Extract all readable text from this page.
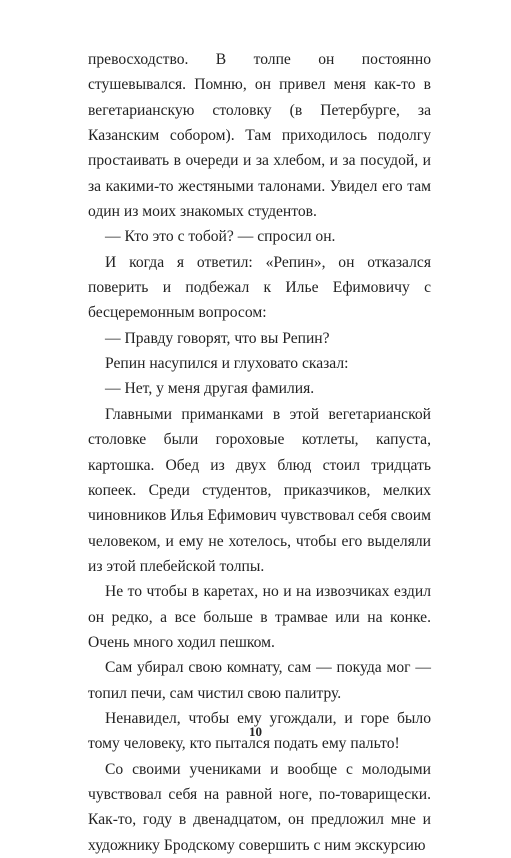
превосходство. В толпе он постоянно стушевывался. Помню, он привел меня как-то в вегетарианскую столовку (в Петербурге, за Казанским собором). Там приходилось подолгу простаивать в очереди и за хлебом, и за посудой, и за какими-то жестяными талонами. Увидел его там один из моих знакомых студентов.

— Кто это с тобой? — спросил он.

И когда я ответил: «Репин», он отказался поверить и подбежал к Илье Ефимовичу с бесцеремонным вопросом:

— Правду говорят, что вы Репин?

Репин насупился и глуховато сказал:

— Нет, у меня другая фамилия.

Главными приманками в этой вегетарианской столовке были гороховые котлеты, капуста, картошка. Обед из двух блюд стоил тридцать копеек. Среди студентов, приказчиков, мелких чиновников Илья Ефимович чувствовал себя своим человеком, и ему не хотелось, чтобы его выделяли из этой плебейской толпы.

Не то чтобы в каретах, но и на извозчиках ездил он редко, а все больше в трамвае или на конке. Очень много ходил пешком.

Сам убирал свою комнату, сам — покуда мог — топил печи, сам чистил свою палитру.

Ненавидел, чтобы ему угождали, и горе было тому человеку, кто пытался подать ему пальто!

Со своими учениками и вообще с молодыми чувствовал себя на равной ноге, по-товарищески. Как-то, году в двенадцатом, он предложил мне и художнику Бродскому совершить с ним экскурсию

10
